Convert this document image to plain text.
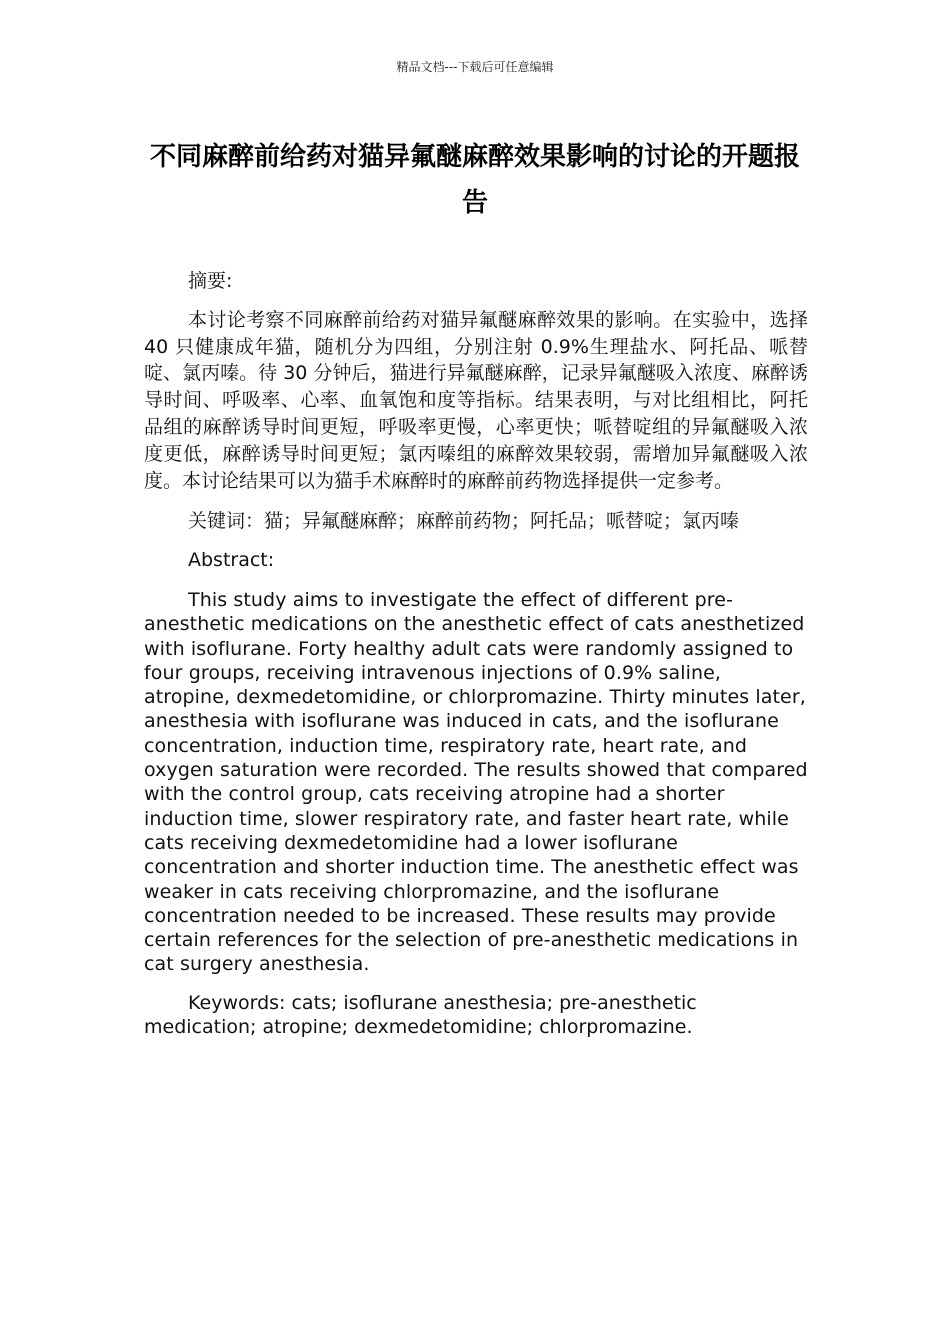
精品文档---下载后可任意编辑
不同麻醉前给药对猫异氟醚麻醉效果影响的讨论的开题报告

摘要:

本讨论考察不同麻醉前给药对猫异氟醚麻醉效果的影响。在实验中，选择 40 只健康成年猫，随机分为四组，分别注射 0.9%生理盐水、阿托品、哌替啶、氯丙嗪。待 30 分钟后，猫进行异氟醚麻醉，记录异氟醚吸入浓度、麻醉诱导时间、呼吸率、心率、血氧饱和度等指标。结果表明，与对比组相比，阿托品组的麻醉诱导时间更短，呼吸率更慢，心率更快；哌替啶组的异氟醚吸入浓度更低，麻醉诱导时间更短；氯丙嗪组的麻醉效果较弱，需增加异氟醚吸入浓度。本讨论结果可以为猫手术麻醉时的麻醉前药物选择提供一定参考。

关键词：猫；异氟醚麻醉；麻醉前药物；阿托品；哌替啶；氯丙嗪

Abstract:

This study aims to investigate the effect of different pre-anesthetic medications on the anesthetic effect of cats anesthetized with isoflurane. Forty healthy adult cats were randomly assigned to four groups, receiving intravenous injections of 0.9% saline, atropine, dexmedetomidine, or chlorpromazine. Thirty minutes later, anesthesia with isoflurane was induced in cats, and the isoflurane concentration, induction time, respiratory rate, heart rate, and oxygen saturation were recorded. The results showed that compared with the control group, cats receiving atropine had a shorter induction time, slower respiratory rate, and faster heart rate, while cats receiving dexmedetomidine had a lower isoflurane concentration and shorter induction time. The anesthetic effect was weaker in cats receiving chlorpromazine, and the isoflurane concentration needed to be increased. These results may provide certain references for the selection of pre-anesthetic medications in cat surgery anesthesia.

Keywords: cats; isoflurane anesthesia; pre-anesthetic medication; atropine; dexmedetomidine; chlorpromazine.
